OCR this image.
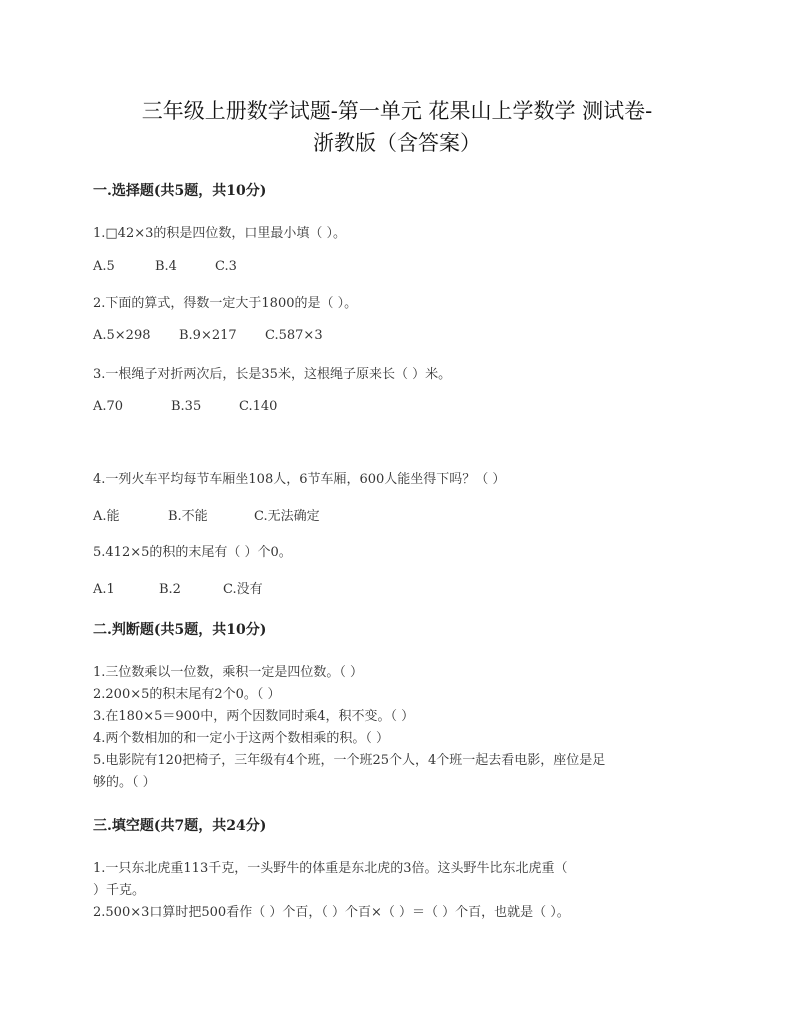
三年级上册数学试题-第一单元 花果山上学数学 测试卷-
浙教版（含答案）
一.选择题(共5题，共10分)
1.□42×3的积是四位数，口里最小填（ ）。
A.5	B.4	C.3
2.下面的算式，得数一定大于1800的是（ ）。
A.5×298 B.9×217 C.587×3
3.一根绳子对折两次后，长是35米，这根绳子原来长（ ）米。
A.70	B.35	C.140
4.一列火车平均每节车厢坐108人，6节车厢，600人能坐得下吗？（ ）
A.能	B.不能	C.无法确定
5.412×5的积的末尾有（ ）个0。
A.1	B.2	C.没有
二.判断题(共5题，共10分)
1.三位数乘以一位数，乘积一定是四位数。（ ）
2.200×5的积末尾有2个0。（ ）
3.在180×5＝900中，两个因数同时乘4，积不变。（ ）
4.两个数相加的和一定小于这两个数相乘的积。（ ）
5.电影院有120把椅子，三年级有4个班，一个班25个人，4个班一起去看电影，座位是足
够的。（ ）
三.填空题(共7题，共24分)
1.一只东北虎重113千克，一头野牛的体重是东北虎的3倍。这头野牛比东北虎重（
）千克。
2.500×3口算时把500看作（ ）个百，（ ）个百×（ ）＝（ ）个百，也就是（ ）。
